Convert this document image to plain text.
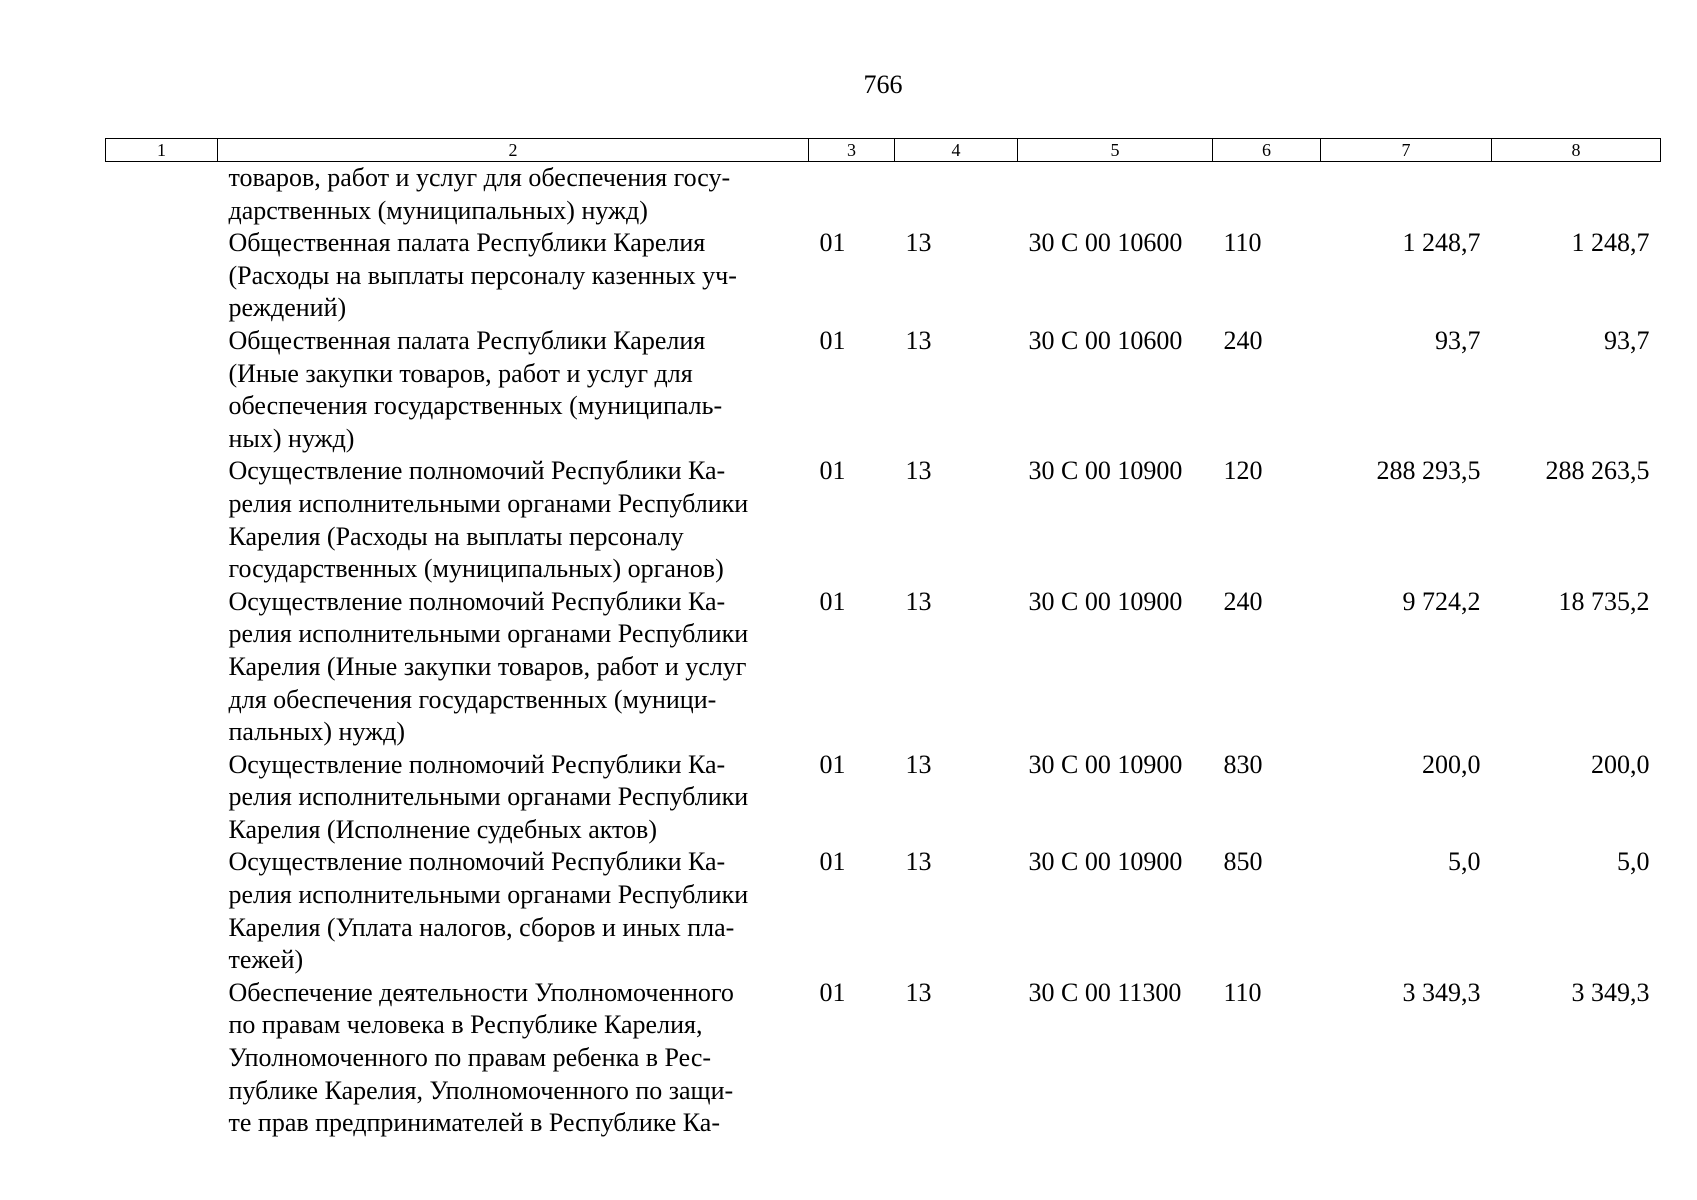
766
1	2	3	4	5	6	7	8
	товаров, работ и услуг для обеспечения госу-
дарственных (муниципальных) нужд)						
	Общественная палата Республики Карелия
(Расходы на выплаты персоналу казенных уч-
реждений)	01	13	30 С 00 10600	110	1 248,7	1 248,7
	Общественная палата Республики Карелия
(Иные закупки товаров, работ и услуг для
обеспечения государственных (муниципаль-
ных) нужд)	01	13	30 С 00 10600	240	93,7	93,7
	Осуществление полномочий Республики Ка-
релия исполнительными органами Республики
Карелия (Расходы на выплаты персоналу
государственных (муниципальных) органов)	01	13	30 С 00 10900	120	288 293,5	288 263,5
	Осуществление полномочий Республики Ка-
релия исполнительными органами Республики
Карелия (Иные закупки товаров, работ и услуг
для обеспечения государственных (муници-
пальных) нужд)	01	13	30 С 00 10900	240	9 724,2	18 735,2
	Осуществление полномочий Республики Ка-
релия исполнительными органами Республики
Карелия (Исполнение судебных актов)	01	13	30 С 00 10900	830	200,0	200,0
	Осуществление полномочий Республики Ка-
релия исполнительными органами Республики
Карелия (Уплата налогов, сборов и иных пла-
тежей)	01	13	30 С 00 10900	850	5,0	5,0
	Обеспечение деятельности Уполномоченного
по правам человека в Республике Карелия,
Уполномоченного по правам ребенка в Рес-
публике Карелия, Уполномоченного по защи-
те прав предпринимателей в Республике Ка-	01	13	30 С 00 11300	110	3 349,3	3 349,3
